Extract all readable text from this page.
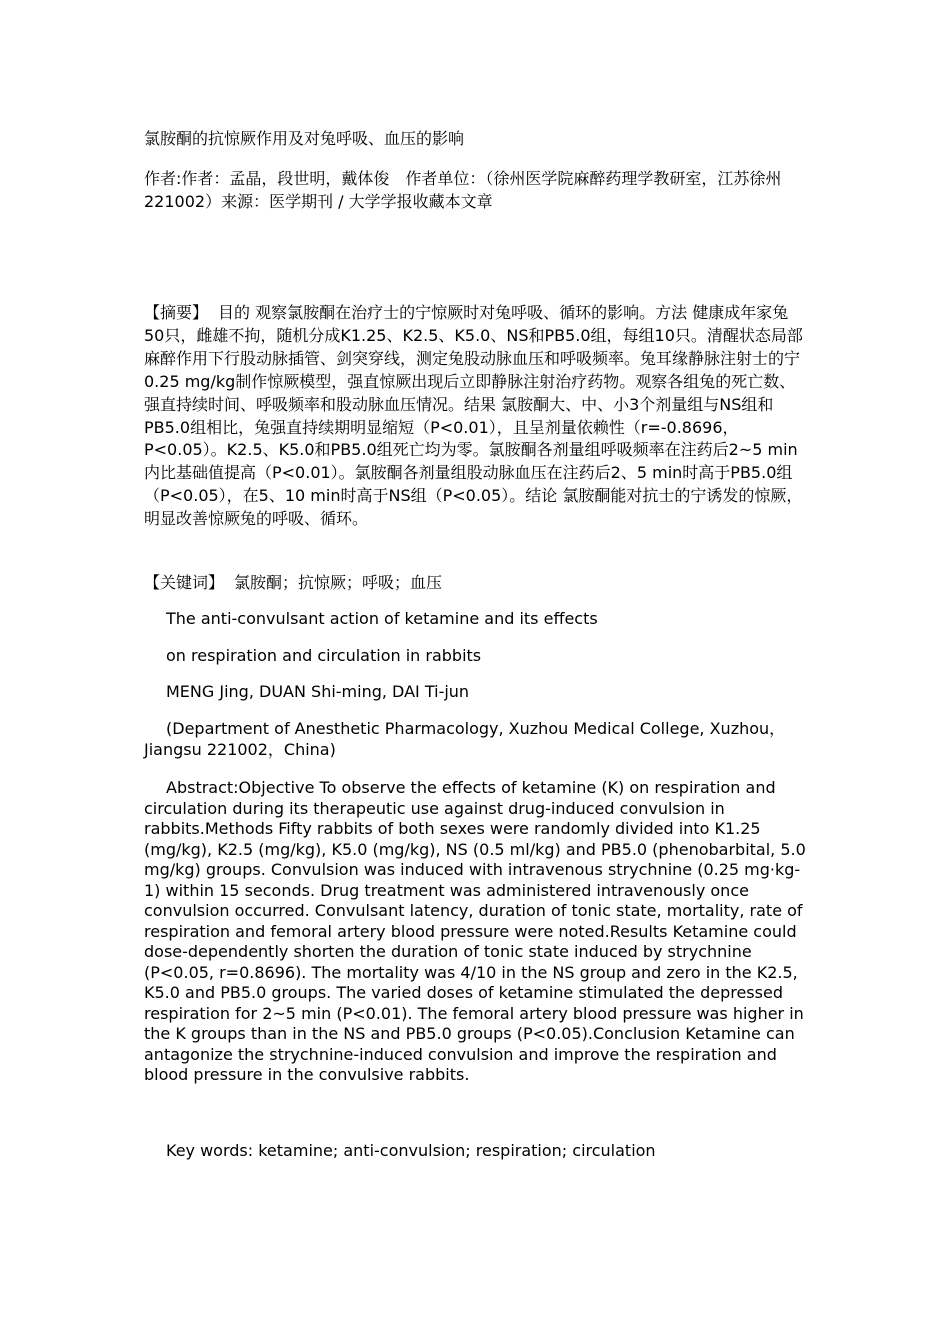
氯胺酮的抗惊厥作用及对兔呼吸、血压的影响
作者:作者：孟晶，段世明，戴体俊　作者单位：（徐州医学院麻醉药理学教研室，江苏徐州221002）来源：医学期刊 / 大学学报收藏本文章
【摘要】 目的 观察氯胺酮在治疗士的宁惊厥时对兔呼吸、循环的影响。方法 健康成年家兔50只，雌雄不拘，随机分成K1.25、K2.5、K5.0、NS和PB5.0组，每组10只。清醒状态局部麻醉作用下行股动脉插管、剑突穿线，测定兔股动脉血压和呼吸频率。兔耳缘静脉注射士的宁0.25 mg/kg制作惊厥模型，强直惊厥出现后立即静脉注射治疗药物。观察各组兔的死亡数、强直持续时间、呼吸频率和股动脉血压情况。结果 氯胺酮大、中、小3个剂量组与NS组和PB5.0组相比，兔强直持续期明显缩短（P<0.01），且呈剂量依赖性（r=-0.8696，P<0.05）。K2.5、K5.0和PB5.0组死亡均为零。氯胺酮各剂量组呼吸频率在注药后2~5 min内比基础值提高（P<0.01）。氯胺酮各剂量组股动脉血压在注药后2、5 min时高于PB5.0组（P<0.05），在5、10 min时高于NS组（P<0.05）。结论 氯胺酮能对抗士的宁诱发的惊厥，明显改善惊厥兔的呼吸、循环。
【关键词】 氯胺酮；抗惊厥；呼吸；血压
The anti-convulsant action of ketamine and its effects
on respiration and circulation in rabbits
MENG Jing, DUAN Shi-ming, DAI Ti-jun
(Department of Anesthetic Pharmacology, Xuzhou Medical College, Xuzhou，Jiangsu 221002，China)
Abstract:Objective To observe the effects of ketamine (K) on respiration and circulation during its therapeutic use against drug-induced convulsion in rabbits.Methods Fifty rabbits of both sexes were randomly divided into K1.25 (mg/kg), K2.5 (mg/kg), K5.0 (mg/kg), NS (0.5 ml/kg) and PB5.0 (phenobarbital, 5.0 mg/kg) groups. Convulsion was induced with intravenous strychnine (0.25 mg·kg-1) within 15 seconds. Drug treatment was administered intravenously once convulsion occurred. Convulsant latency, duration of tonic state, mortality, rate of respiration and femoral artery blood pressure were noted.Results Ketamine could dose-dependently shorten the duration of tonic state induced by strychnine (P<0.05, r=0.8696). The mortality was 4/10 in the NS group and zero in the K2.5, K5.0 and PB5.0 groups. The varied doses of ketamine stimulated the depressed respiration for 2~5 min (P<0.01). The femoral artery blood pressure was higher in the K groups than in the NS and PB5.0 groups (P<0.05).Conclusion Ketamine can antagonize the strychnine-induced convulsion and improve the respiration and blood pressure in the convulsive rabbits.
Key words: ketamine; anti-convulsion; respiration; circulation
